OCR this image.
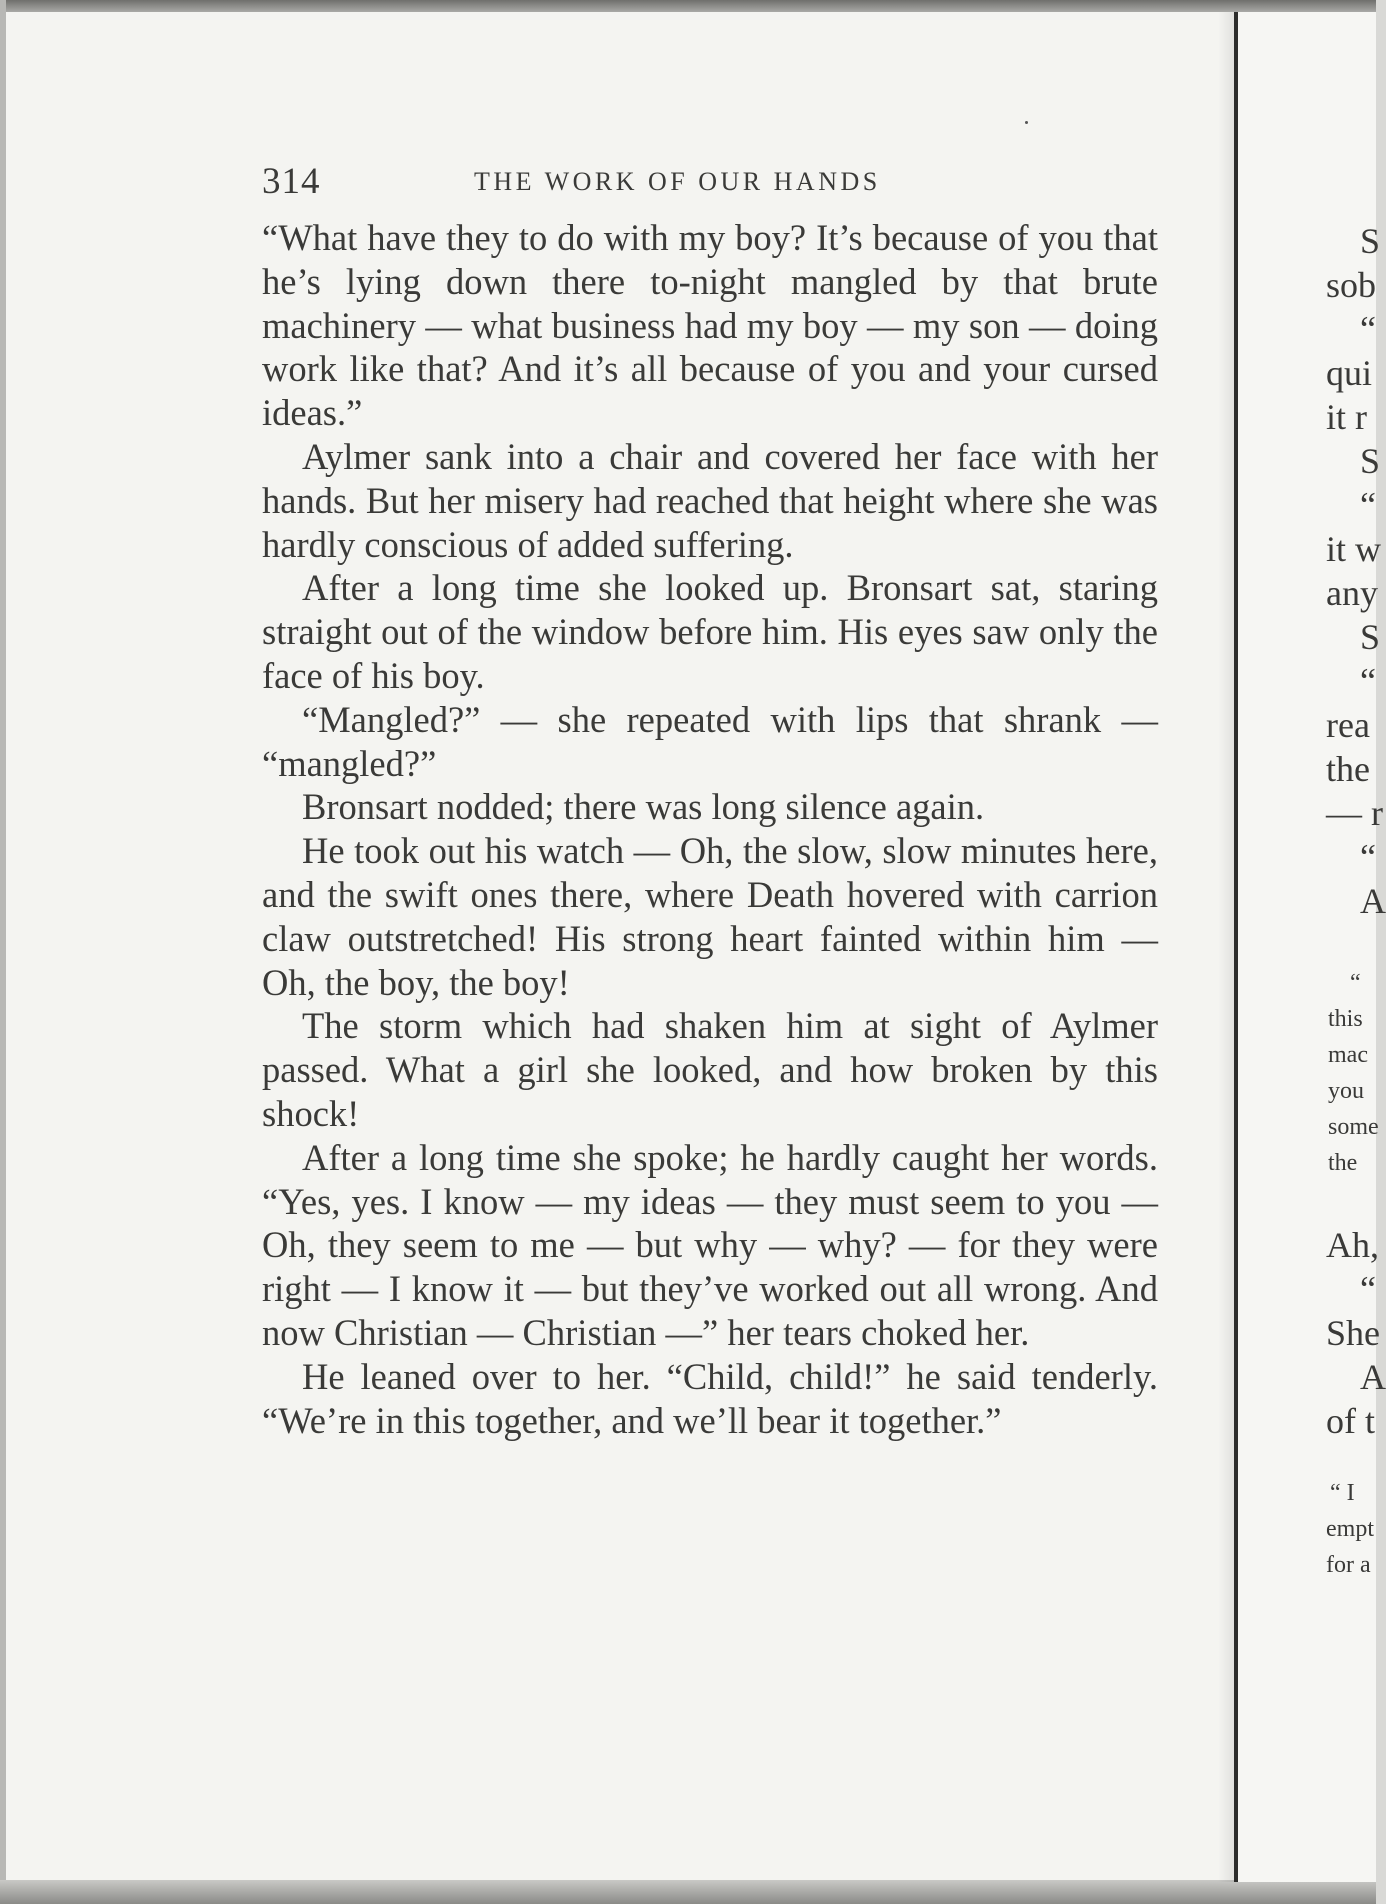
314	THE WORK OF OUR HANDS

“What have they to do with my boy? It’s because of you that he’s lying down there to-night mangled by that brute machinery — what business had my boy — my son — doing work like that? And it’s all because of you and your cursed ideas.”

Aylmer sank into a chair and covered her face with her hands. But her misery had reached that height where she was hardly conscious of added suffering.

After a long time she looked up. Bronsart sat, staring straight out of the window before him. His eyes saw only the face of his boy.

“Mangled?” — she repeated with lips that shrank — “mangled?”

Bronsart nodded; there was long silence again.

He took out his watch — Oh, the slow, slow minutes here, and the swift ones there, where Death hovered with carrion claw outstretched! His strong heart fainted within him — Oh, the boy, the boy!

The storm which had shaken him at sight of Aylmer passed. What a girl she looked, and how broken by this shock!

After a long time she spoke; he hardly caught her words. “Yes, yes. I know — my ideas — they must seem to you — Oh, they seem to me — but why — why? — for they were right — I know it — but they’ve worked out all wrong. And now Christian — Christian —” her tears choked her.

He leaned over to her. “Child, child!” he said tenderly. “We’re in this together, and we’ll bear it together.”

S
sob
“
qui
it r
S
“
it w
any
S
“
rea
the
— r
“
A
“
this
mac
you
some
the
Ah,
“
She
A
of t
“ I
empt
for a
